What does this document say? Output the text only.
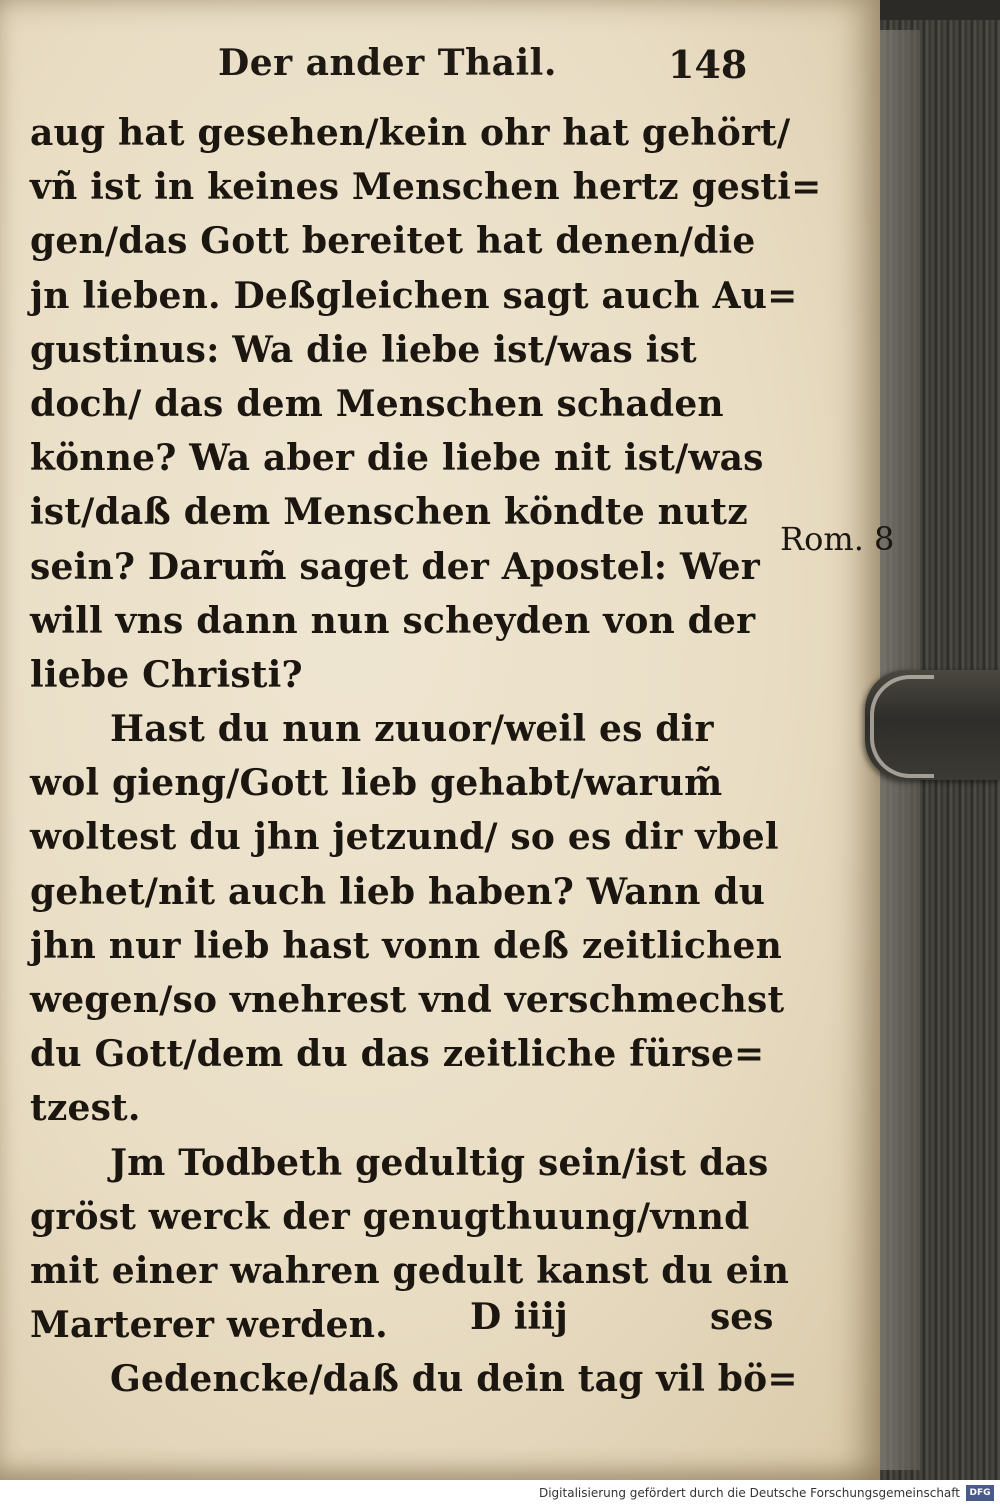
Der ander Thail.	148
aug hat gesehen/kein ohr hat gehört/
vñ ist in keines Menschen hertz gesti=
gen/das Gott bereitet hat denen/die
jn lieben. Deßgleichen sagt auch Au=
gustinus: Wa die liebe ist/was ist
doch/ das dem Menschen schaden
könne? Wa aber die liebe nit ist/was
ist/daß dem Menschen köndte nutz
sein? Darum̃ saget der Apostel: Wer
will vns dann nun scheyden von der
liebe Christi?
Hast du nun zuuor/weil es dir
wol gieng/Gott lieb gehabt/warum̃
woltest du jhn jetzund/ so es dir vbel
gehet/nit auch lieb haben? Wann du
jhn nur lieb hast vonn deß zeitlichen
wegen/so vnehrest vnd verschmechst
du Gott/dem du das zeitliche fürse=
tzest.
Jm Todbeth gedultig sein/ist das
gröst werck der genugthuung/vnnd
mit einer wahren gedult kanst du ein
Marterer werden.
Gedencke/daß du dein tag vil bö=
D iiij	ses
Rom. 8
Digitalisierung gefördert durch die Deutsche Forschungsgemeinschaft	DFG
